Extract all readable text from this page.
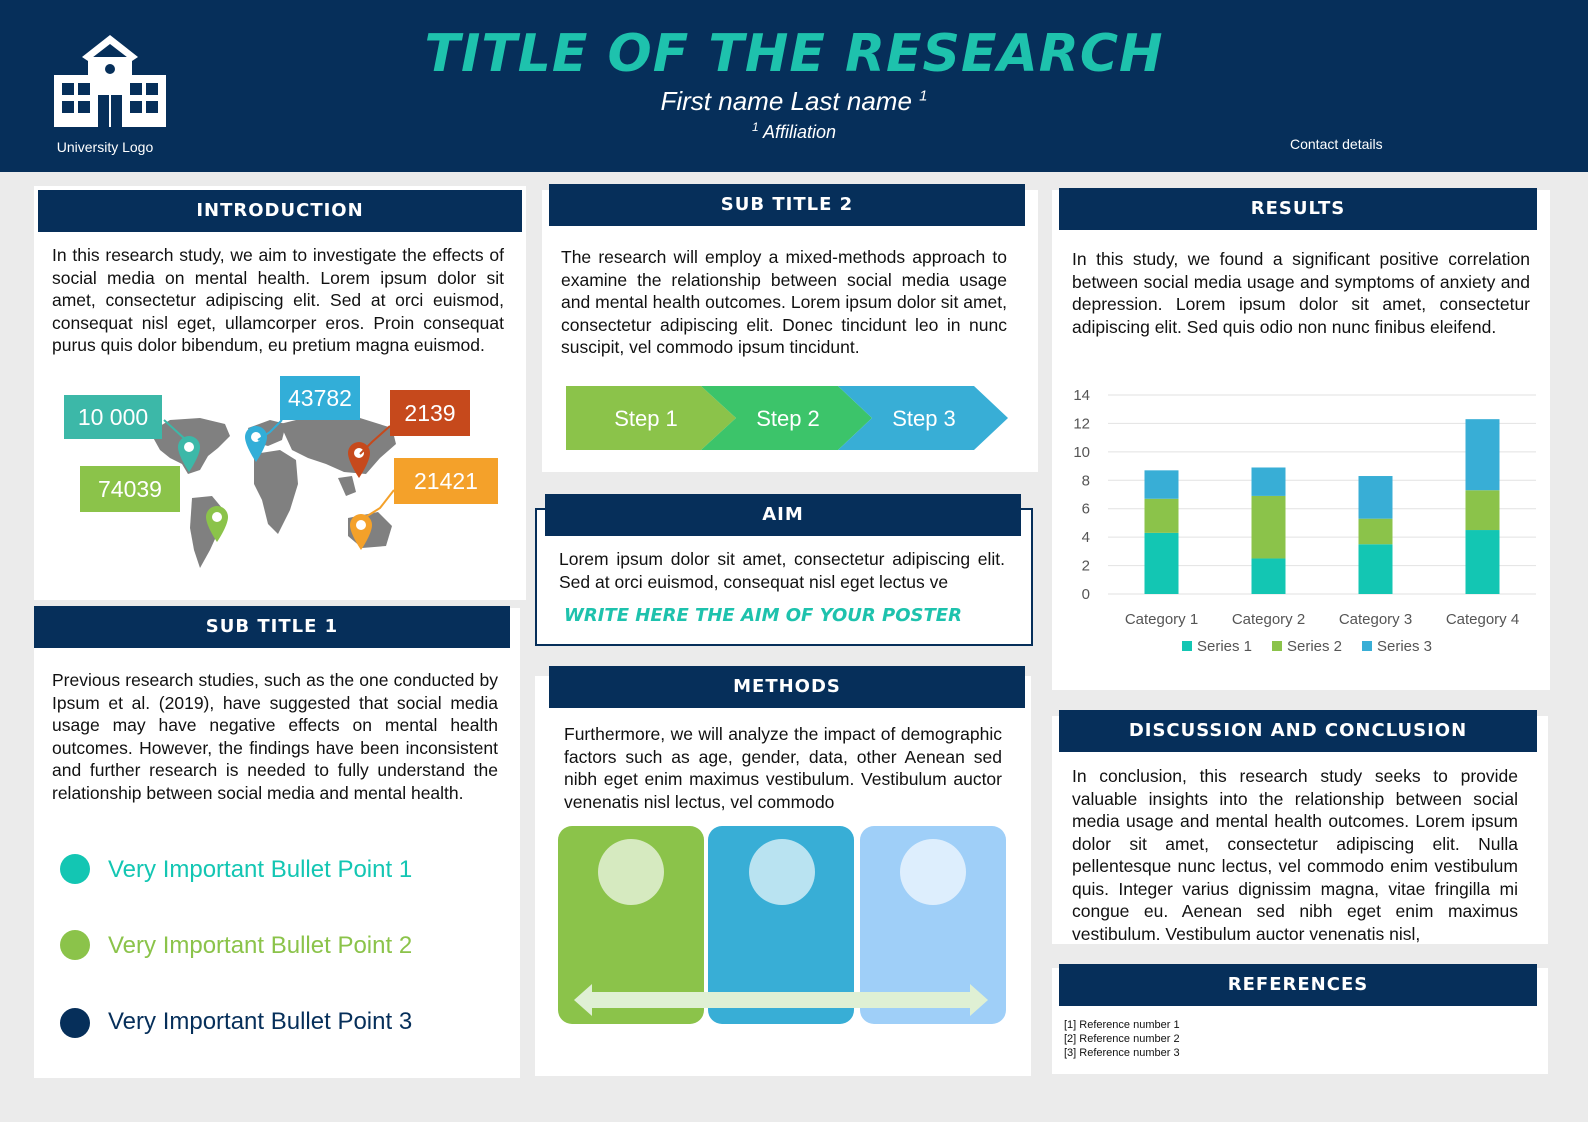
University Logo
TITLE OF THE RESEARCH
First name Last name $^1$
$^1$ Affiliation
Contact details
INTRODUCTION
In this research study, we aim to investigate the effects of social media on mental health. Lorem ipsum dolor sit amet, consectetur adipiscing elit. Sed at orci euismod, consequat nisl eget, ullamcorper eros. Proin consequat purus quis dolor bibendum, eu pretium magna euismod.
10 000
43782
2139
74039	21421
SUB TITLE 1
Previous research studies, such as the one conducted by Ipsum et al. (2019), have suggested that social media usage may have negative effects on mental health outcomes. However, the findings have been inconsistent and further research is needed to fully understand the relationship between social media and mental health.
Very Important Bullet Point 1
Very Important Bullet Point 2
Very Important Bullet Point 3
SUB TITLE 2
The research will employ a mixed-methods approach to examine the relationship between social media usage and mental health outcomes. Lorem ipsum dolor sit amet, consectetur adipiscing elit. Donec tincidunt leo in nunc suscipit, vel commodo ipsum tincidunt.
Step 1	Step 2	Step 3
AIM
Lorem ipsum dolor sit amet, consectetur adipiscing elit. Sed at orci euismod, consequat nisl eget lectus ve
WRITE HERE THE AIM OF YOUR POSTER
METHODS
Furthermore, we will analyze the impact of demographic factors such as age, gender, data, other Aenean sed nibh eget enim maximus vestibulum. Vestibulum auctor venenatis nisl lectus, vel commodo
RESULTS
In this study, we found a significant positive correlation between social media usage and symptoms of anxiety and depression. Lorem ipsum dolor sit amet, consectetur adipiscing elit. Sed quis odio non nunc finibus eleifend.
0
2
4
6
8
10
12
14
Category 1 Category 2 Category 3 Category 4
Series 1 Series 2 Series 3
DISCUSSION AND CONCLUSION
In conclusion, this research study seeks to provide valuable insights into the relationship between social media usage and mental health outcomes. Lorem ipsum dolor sit amet, consectetur adipiscing elit. Nulla pellentesque nunc lectus, vel commodo enim vestibulum quis. Integer varius dignissim magna, vitae fringilla mi congue eu. Aenean sed nibh eget enim maximus vestibulum. Vestibulum auctor venenatis nisl,
REFERENCES
[1] Reference number 1
[2] Reference number 2
[3] Reference number 3
